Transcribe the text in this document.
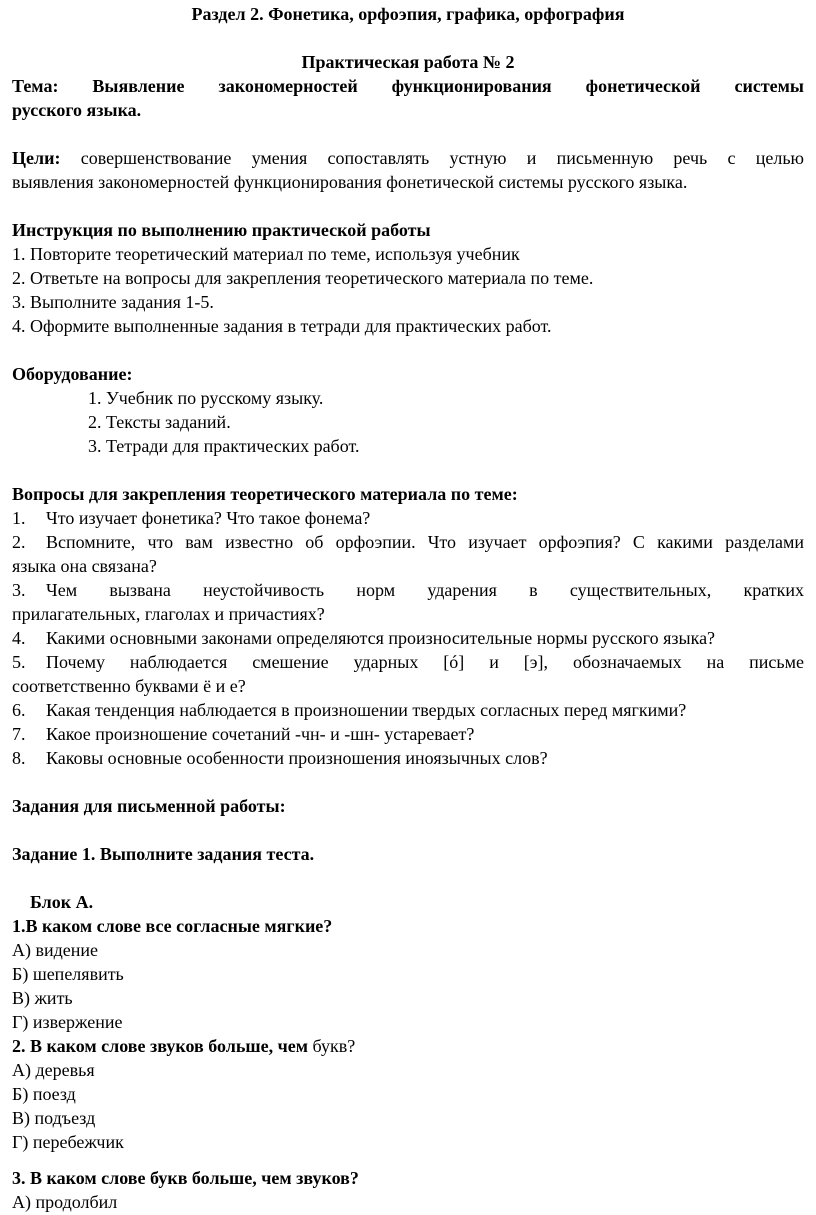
Раздел 2. Фонетика, орфоэпия, графика, орфография
Практическая работа № 2
Тема: Выявление закономерностей функционирования фонетической системы
русского языка.
Цели: совершенствование умения сопоставлять устную и письменную речь с целью
выявления закономерностей функционирования фонетической системы русского языка.
Инструкция по выполнению практической работы
1. Повторите теоретический материал по теме, используя учебник
2. Ответьте на вопросы для закрепления теоретического материала по теме.
3. Выполните задания 1-5.
4. Оформите выполненные задания в тетради для практических работ.
Оборудование:
1. Учебник по русскому языку.
2. Тексты заданий.
3. Тетради для практических работ.
Вопросы для закрепления теоретического материала по теме:
1. Что изучает фонетика? Что такое фонема?
2. Вспомните, что вам известно об орфоэпии. Что изучает орфоэпия? С какими разделами
языка она связана?
3. Чем вызвана неустойчивость норм ударения в существительных, кратких
прилагательных, глаголах и причастиях?
4. Какими основными законами определяются произносительные нормы русского языка?
5. Почему наблюдается смешение ударных [ó] и [э], обозначаемых на письме
соответственно буквами ё и е?
6. Какая тенденция наблюдается в произношении твердых согласных перед мягкими?
7. Какое произношение сочетаний -чн- и -шн- устаревает?
8. Каковы основные особенности произношения иноязычных слов?
Задания для письменной работы:
Задание 1. Выполните задания теста.
Блок А.
1.В каком слове все согласные мягкие?
А) видение
Б) шепелявить
В) жить
Г) извержение
2. В каком слове звуков больше, чем букв?
А) деревья
Б) поезд
В) подъезд
Г) перебежчик
3. В каком слове букв больше, чем звуков?
А) продолбил
